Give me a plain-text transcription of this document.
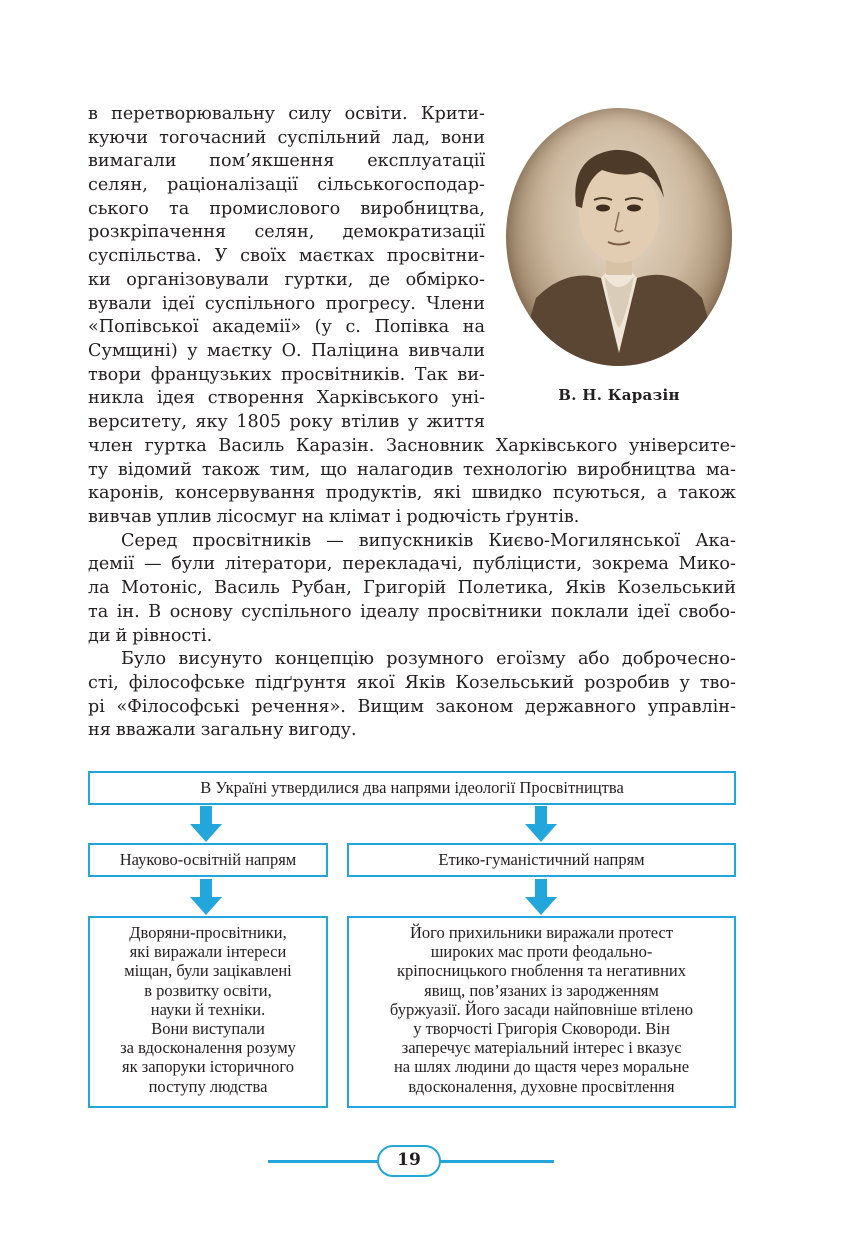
В. Н. Каразін
в перетворювальну силу освіти. Крити-
куючи тогочасний суспільний лад, вони
вимагали пом’якшення експлуатації
селян, раціоналізації сільськогосподар-
ського та промислового виробництва,
розкріпачення селян, демократизації
суспільства. У своїх маєтках просвітни-
ки організовували гуртки, де обмірко-
вували ідеї суспільного прогресу. Члени
«Попівської академії» (у с. Попівка на
Сумщині) у маєтку О. Паліцина вивчали
твори французьких просвітників. Так ви-
никла ідея створення Харківського уні-
верситету, яку 1805 року втілив у життя
член гуртка Василь Каразін. Засновник Харківського університе-
ту відомий також тим, що налагодив технологію виробництва ма-
каронів, консервування продуктів, які швидко псуються, а також
вивчав уплив лісосмуг на клімат і родючість ґрунтів.
Серед просвітників — випускників Києво-Могилянської Ака-
демії — були літератори, перекладачі, публіцисти, зокрема Мико-
ла Мотоніс, Василь Рубан, Григорій Полетика, Яків Козельський
та ін. В основу суспільного ідеалу просвітники поклали ідеї свобо-
ди й рівності.
Було висунуто концепцію розумного егоїзму або доброчесно-
сті, філософське підґрунтя якої Яків Козельський розробив у тво-
рі «Філософські речення». Вищим законом державного управлін-
ня вважали загальну вигоду.
В Україні утвердилися два напрями ідеології Просвітництва
Науково-освітній напрям	Етико-гуманістичний напрям
Дворяни-просвітники,
які виражали інтереси
міщан, були зацікавлені
в розвитку освіти,
науки й техніки.
Вони виступали
за вдосконалення розуму
як запоруки історичного
поступу людства
Його прихильники виражали протест
широких мас проти феодально-
кріпосницького гноблення та негативних
явищ, пов’язаних із зародженням
буржуазії. Його засади найповніше втілено
у творчості Григорія Сковороди. Він
заперечує матеріальний інтерес і вказує
на шлях людини до щастя через моральне
вдосконалення, духовне просвітлення
19
